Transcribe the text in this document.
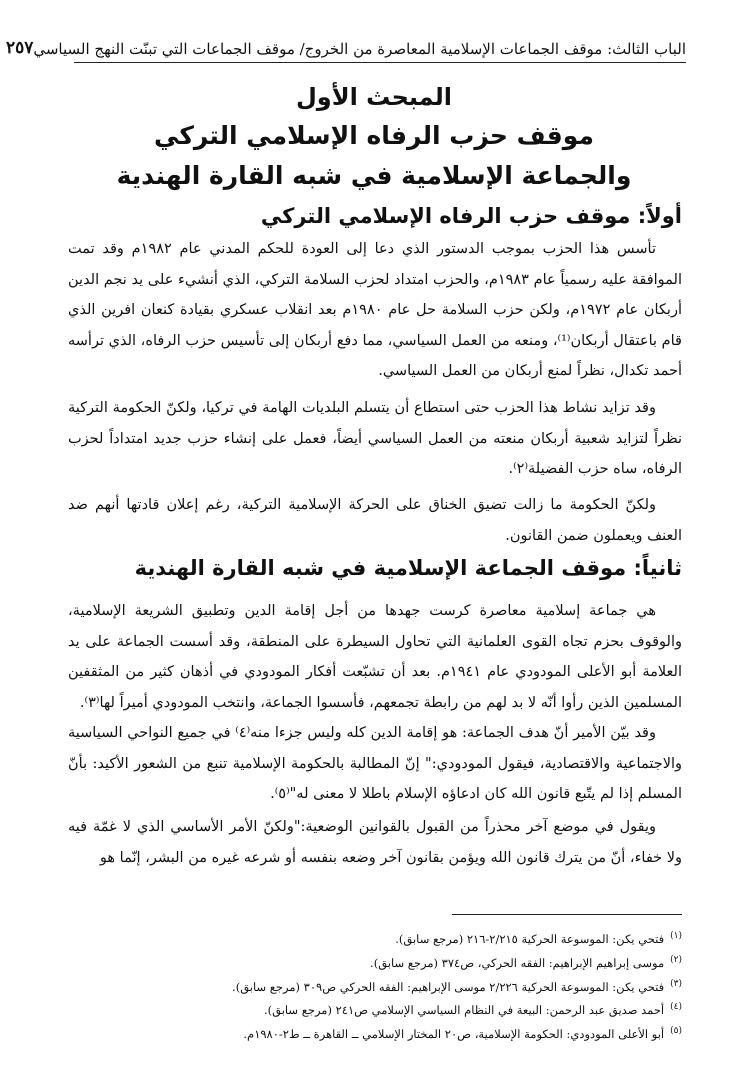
الباب الثالث: موقف الجماعات الإسلامية المعاصرة من الخروج/ موقف الجماعات التي تبنّت النهج السياسي
٢٥٧
المبحث الأول
موقف حزب الرفاه الإسلامي التركي
والجماعة الإسلامية في شبه القارة الهندية
أولاً: موقف حزب الرفاه الإسلامي التركي
تأسس هذا الحزب بموجب الدستور الذي دعا إلى العودة للحكم المدني عام ١٩٨٢م وقد تمت الموافقة عليه رسمياً عام ١٩٨٣م، والحزب امتداد لحزب السلامة التركي، الذي أنشيء على يد نجم الدين أربكان عام ١٩٧٢م، ولكن حزب السلامة حل عام ١٩٨٠م بعد انقلاب عسكري بقيادة كنعان افرين الذي قام باعتقال أربكان⁽¹⁾، ومنعه من العمل السياسي، مما دفع أربكان إلى تأسيس حزب الرفاه، الذي ترأسه أحمد تكدال، نظراً لمنع أربكان من العمل السياسي.
وقد تزايد نشاط هذا الحزب حتى استطاع أن يتسلم البلديات الهامة في تركيا، ولكنّ الحكومة التركية نظراً لتزايد شعبية أربكان منعته من العمل السياسي أيضاً، فعمل على إنشاء حزب جديد امتداداً لحزب الرفاه، ساه حزب الفضيلة⁽٢⁾.
ولكنّ الحكومة ما زالت تضيق الخناق على الحركة الإسلامية التركية، رغم إعلان قادتها أنهم ضد العنف ويعملون ضمن القانون.
ثانياً: موقف الجماعة الإسلامية في شبه القارة الهندية
هي جماعة إسلامية معاصرة كرست جهدها من أجل إقامة الدين وتطبيق الشريعة الإسلامية، والوقوف بحزم تجاه القوى العلمانية التي تحاول السيطرة على المنطقة، وقد أسست الجماعة على يد العلامة أبو الأعلى المودودي عام ١٩٤١م. بعد أن تشبّعت أفكار المودودي في أذهان كثير من المثقفين المسلمين الذين رأوا أنّه لا بد لهم من رابطة تجمعهم، فأسسوا الجماعة، وانتخب المودودي أميراً لها⁽٣⁾.
وقد بيّن الأمير أنّ هدف الجماعة: هو إقامة الدين كله وليس جزءا منه⁽٤⁾ في جميع النواحي السياسية والاجتماعية والاقتصادية، فيقول المودودي:" إنّ المطالبة بالحكومة الإسلامية تنبع من الشعور الأكيد: بأنّ المسلم إذا لم يتّبع قانون الله كان ادعاؤه الإسلام باطلا لا معنى له"⁽٥⁾.
ويقول في موضع آخر محذراً من القبول بالقوانين الوضعية:"ولكنّ الأمر الأساسي الذي لا غمّة فيه ولا خفاء، أنّ من يترك قانون الله ويؤمن بقانون آخر وضعه بنفسه أو شرعه غيره من البشر، إنّما هو
$^{(١)}$فتحي يكن: الموسوعة الحركية ٢/٢١٥-٢١٦ (مرجع سابق).
$^{(٢)}$موسى إبراهيم الإبراهيم: الفقه الحركي، ص٣٧٤ (مرجع سابق).
$^{(٣)}$فتحي يكن: الموسوعة الحركية ٢/٢٢٦ موسى الإبراهيم: الفقه الحركي ص٣٠٩ (مرجع سابق).
$^{(٤)}$أحمد صديق عبد الرحمن: البيعة في النظام السياسي الإسلامي ص٢٤١ (مرجع سابق).
$^{(٥)}$أبو الأعلى المودودي: الحكومة الإسلامية، ص٢٠ المختار الإسلامي ــ القاهرة ــ ط٢-١٩٨٠م.
